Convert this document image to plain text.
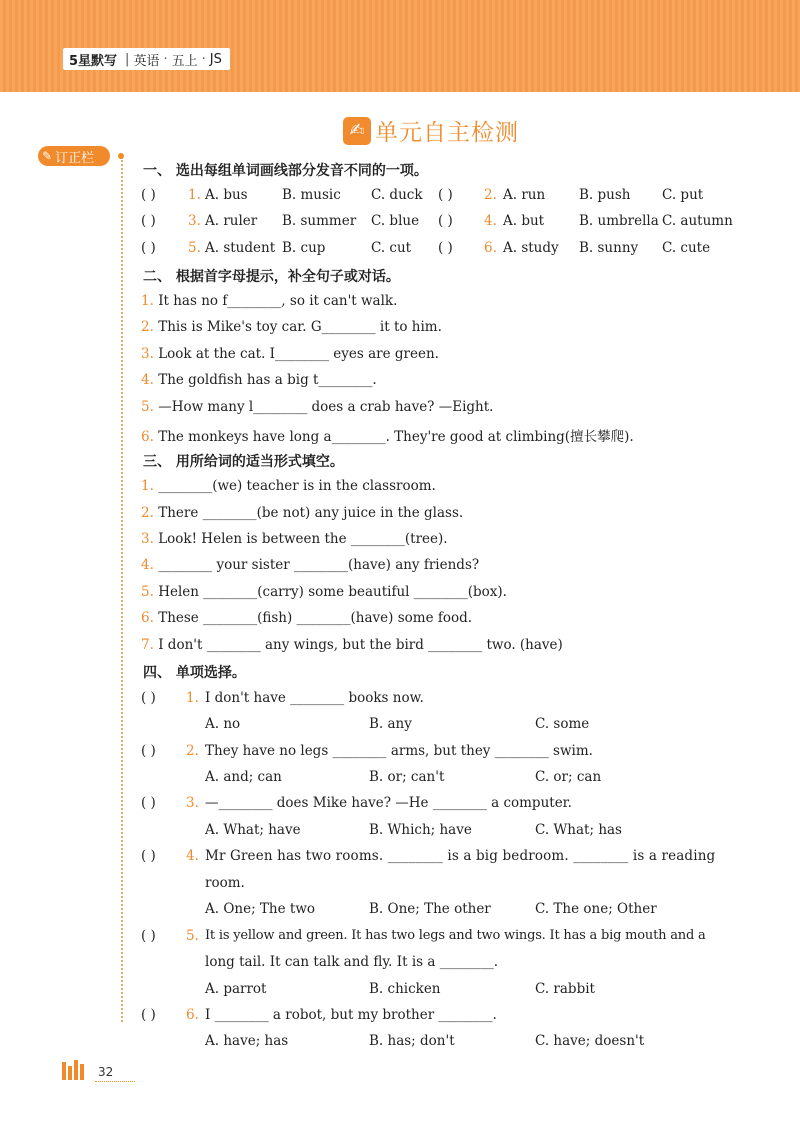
5星默写 | 英语 · 五上 · JS
✍ 单元自主检测
✎ 订正栏
一、 选出每组单词画线部分发音不同的一项。
( ) 1. A. bus	B. music C. duck ( ) 2. A. run	B. push C. put
( ) 3. A. ruler B. summer C. blue ( ) 4. A. but	B. umbrella C. autumn
( ) 5. A. student B. cup	C. cut ( ) 6. A. study B. sunny C. cute
二、 根据首字母提示，补全句子或对话。
1. It has no f________, so it can't walk.
2. This is Mike's toy car. G________ it to him.
3. Look at the cat. I________ eyes are green.
4. The goldfish has a big t________.
5. —How many l________ does a crab have? —Eight.
6. The monkeys have long a________. They're good at climbing(擅长攀爬).
三、 用所给词的适当形式填空。
1. ________(we) teacher is in the classroom.
2. There ________(be not) any juice in the glass.
3. Look! Helen is between the ________(tree).
4. ________ your sister ________(have) any friends?
5. Helen ________(carry) some beautiful ________(box).
6. These ________(fish) ________(have) some food.
7. I don't ________ any wings, but the bird ________ two. (have)
四、 单项选择。
( ) 1. I don't have ________ books now.
A. no	B. any	C. some
( ) 2. They have no legs ________ arms, but they ________ swim.
A. and; can	B. or; can't	C. or; can
( ) 3. —________ does Mike have? —He ________ a computer.
A. What; have	B. Which; have	C. What; has
( ) 4. Mr Green has two rooms. ________ is a big bedroom. ________ is a reading
room.
A. One; The two	B. One; The other	C. The one; Other
( ) 5. It is yellow and green. It has two legs and two wings. It has a big mouth and a
long tail. It can talk and fly. It is a ________.
A. parrot	B. chicken	C. rabbit
( ) 6. I ________ a robot, but my brother ________.
A. have; has	B. has; don't	C. have; doesn't
32
